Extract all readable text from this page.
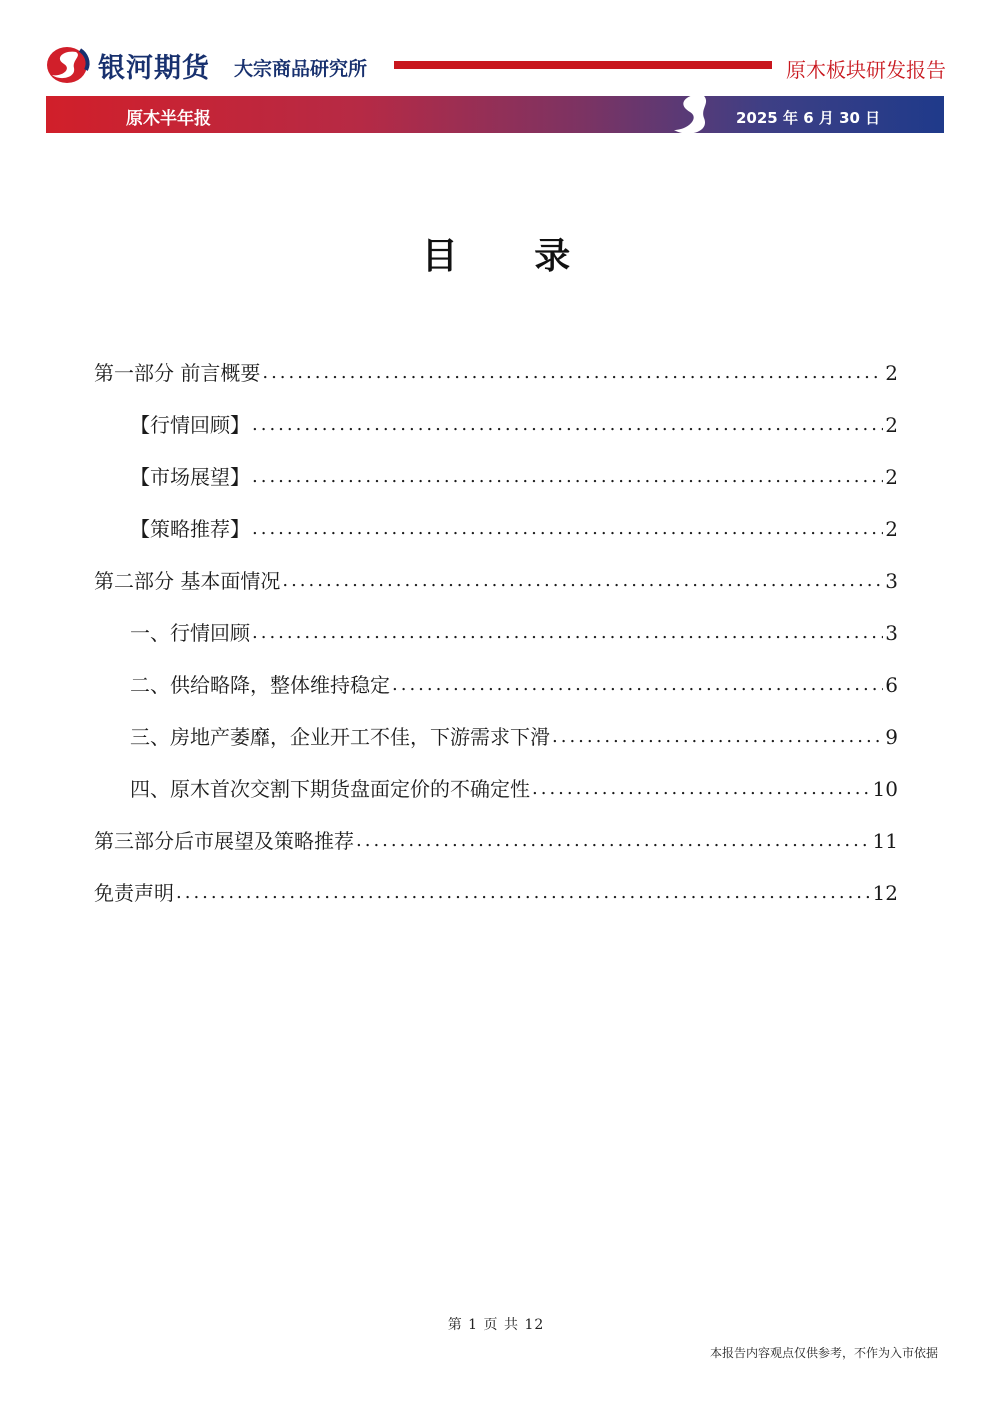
银河期货 大宗商品研究所	原木板块研发报告
原木半年报	2025 年 6 月 30 日
目 录
第一部分 前言概要 .....	2
【行情回顾】 .....	2
【市场展望】 .....	2
【策略推荐】 .....	2
第二部分 基本面情况 .....	3
一、行情回顾 .....	3
二、供给略降，整体维持稳定 .....	6
三、房地产萎靡，企业开工不佳，下游需求下滑 .....	9
四、原木首次交割下期货盘面定价的不确定性 .....	10
第三部分后市展望及策略推荐 .....	11
免责声明 .....	12
第 1 页 共 12
本报告内容观点仅供参考，不作为入市依据
